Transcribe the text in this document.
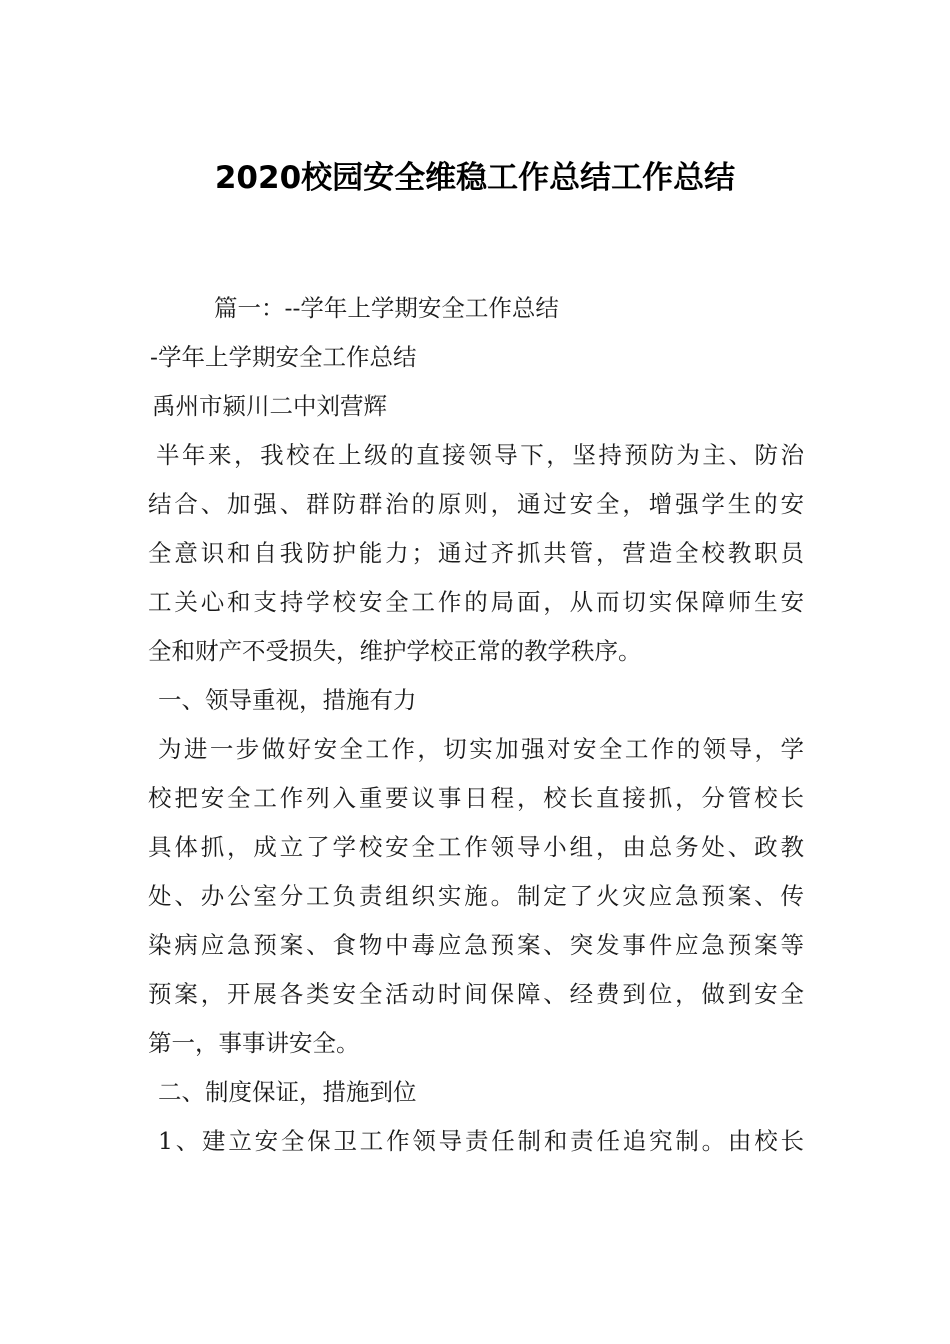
2020校园安全维稳工作总结工作总结
篇一：--学年上学期安全工作总结
-学年上学期安全工作总结
禹州市颍川二中刘营辉
半年来，我校在上级的直接领导下，坚持预防为主、防治
结合、加强、群防群治的原则，通过安全，增强学生的安
全意识和自我防护能力；通过齐抓共管，营造全校教职员
工关心和支持学校安全工作的局面，从而切实保障师生安
全和财产不受损失，维护学校正常的教学秩序。
一、领导重视，措施有力
为进一步做好安全工作，切实加强对安全工作的领导，学
校把安全工作列入重要议事日程，校长直接抓，分管校长
具体抓，成立了学校安全工作领导小组，由总务处、政教
处、办公室分工负责组织实施。制定了火灾应急预案、传
染病应急预案、食物中毒应急预案、突发事件应急预案等
预案，开展各类安全活动时间保障、经费到位，做到安全
第一，事事讲安全。
二、制度保证，措施到位
1、建立安全保卫工作领导责任制和责任追究制。由校长
